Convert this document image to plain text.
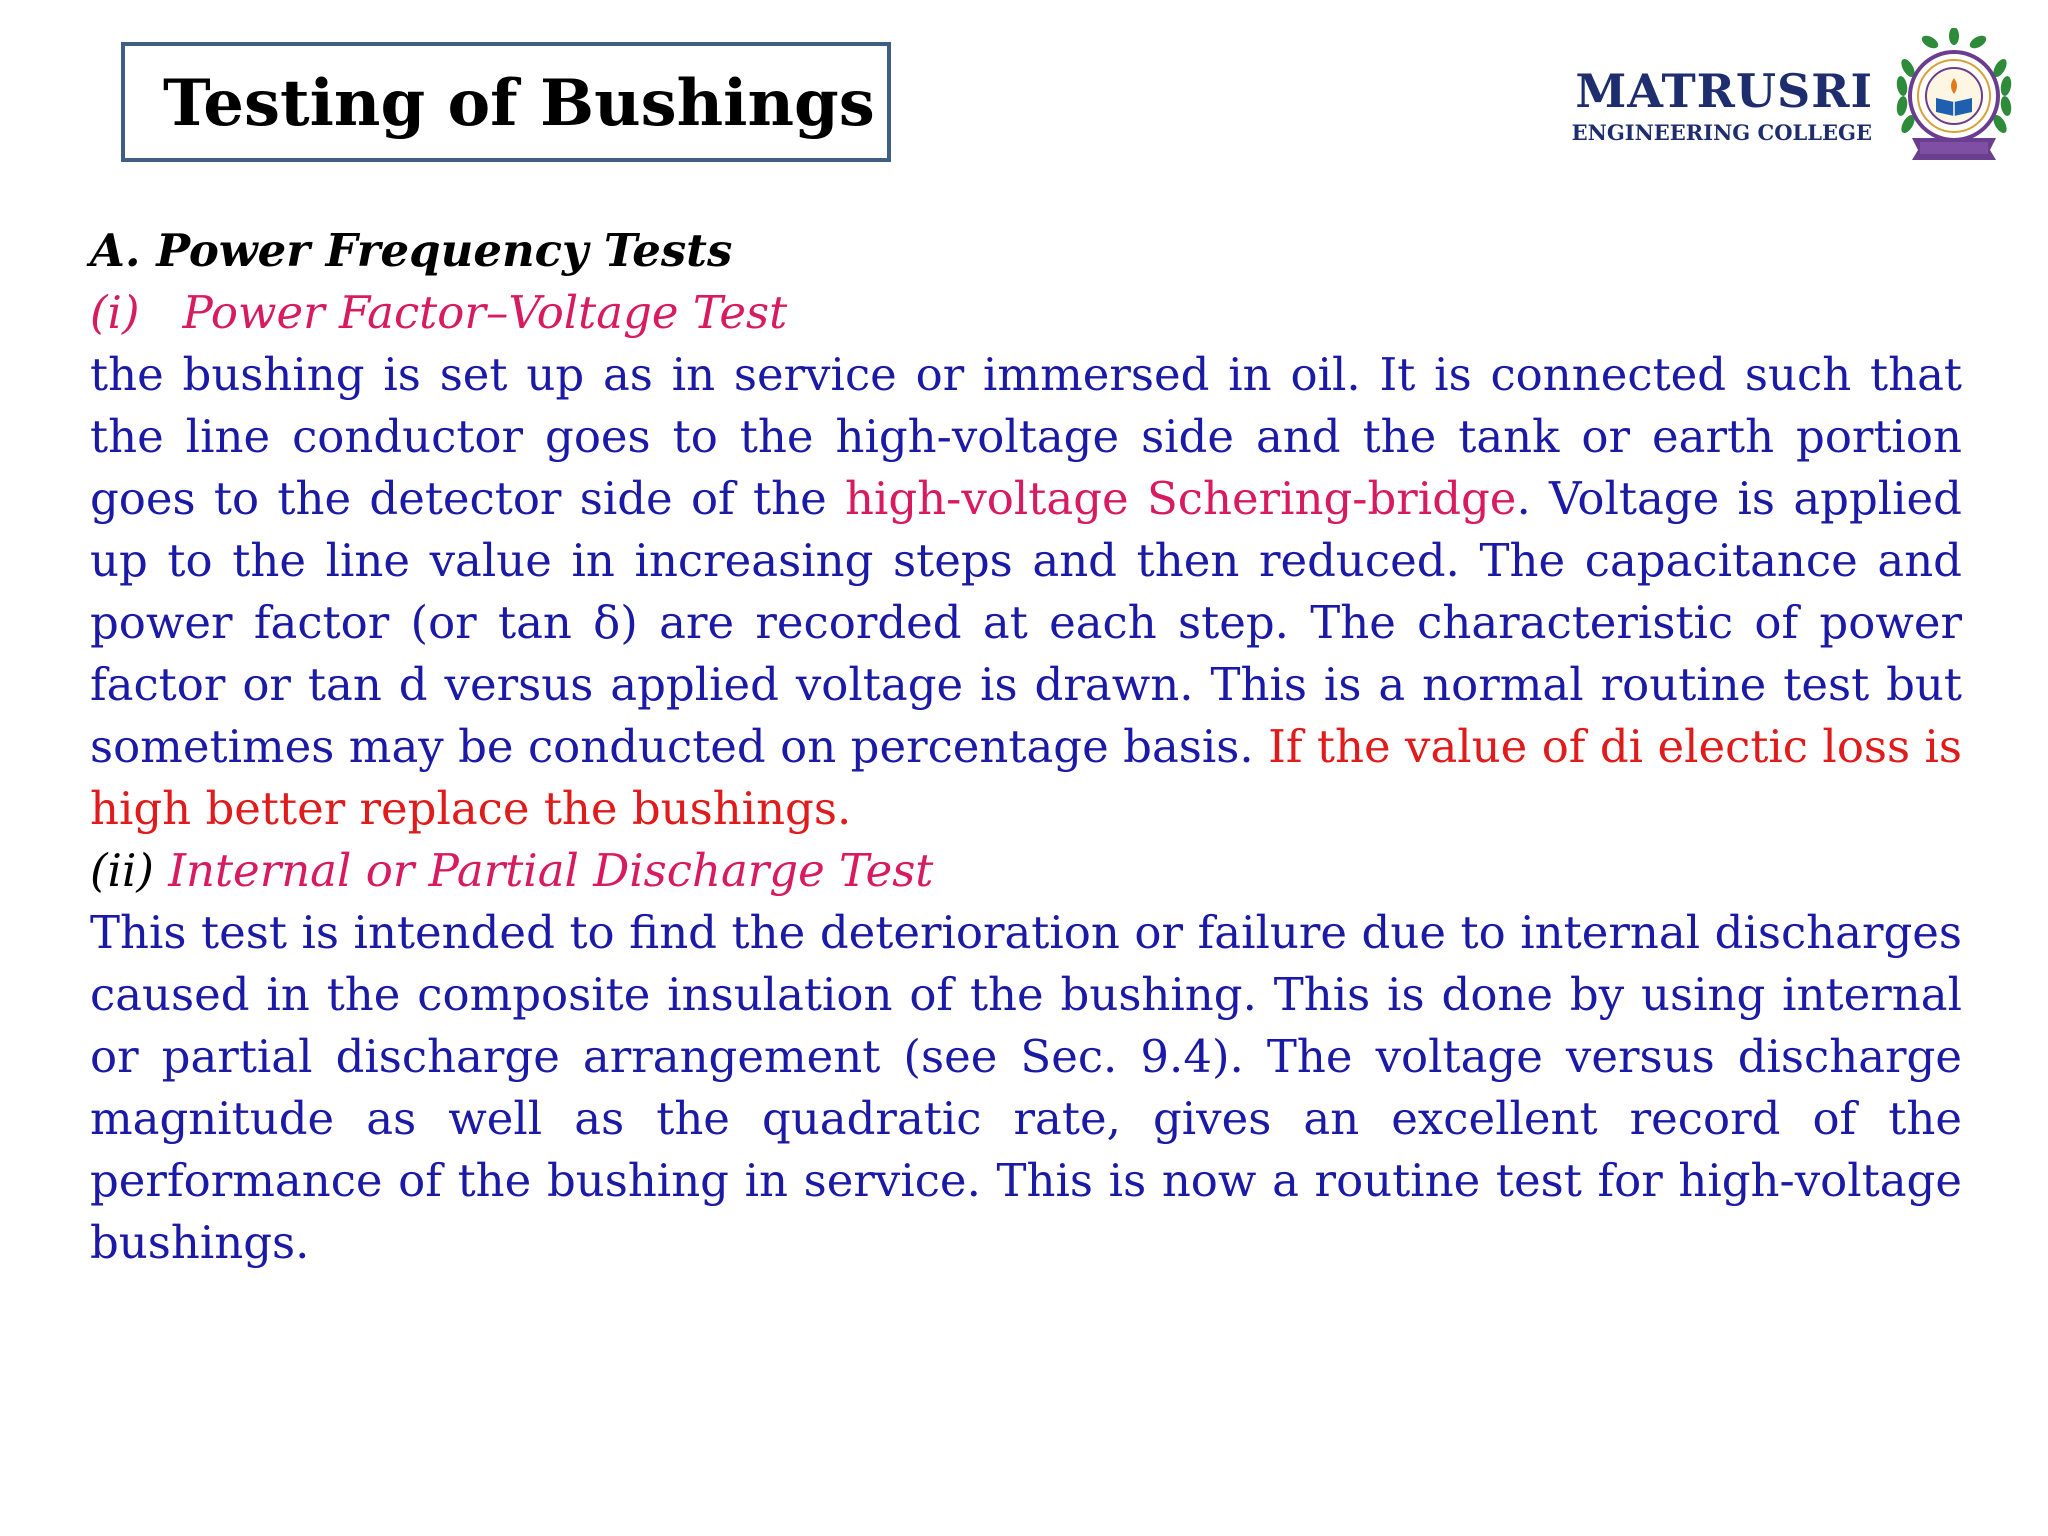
Testing of Bushings	MATRUSRI
ENGINEERING COLLEGE
A. Power Frequency Tests
(i) Power Factor–Voltage Test

the bushing is set up as in service or immersed in oil. It is connected such that the line conductor goes to the high-voltage side and the tank or earth portion goes to the detector side of the high-voltage Schering-bridge. Voltage is applied up to the line value in increasing steps and then reduced. The capacitance and power factor (or tan δ) are recorded at each step. The characteristic of power factor or tan d versus applied voltage is drawn. This is a normal routine test but sometimes may be conducted on percentage basis. If the value of di electic loss is high better replace the bushings.

(ii) Internal or Partial Discharge Test

This test is intended to find the deterioration or failure due to internal discharges caused in the composite insulation of the bushing. This is done by using internal or partial discharge arrangement (see Sec. 9.4). The voltage versus discharge magnitude as well as the quadratic rate, gives an excellent record of the performance of the bushing in service. This is now a routine test for high-voltage bushings.
